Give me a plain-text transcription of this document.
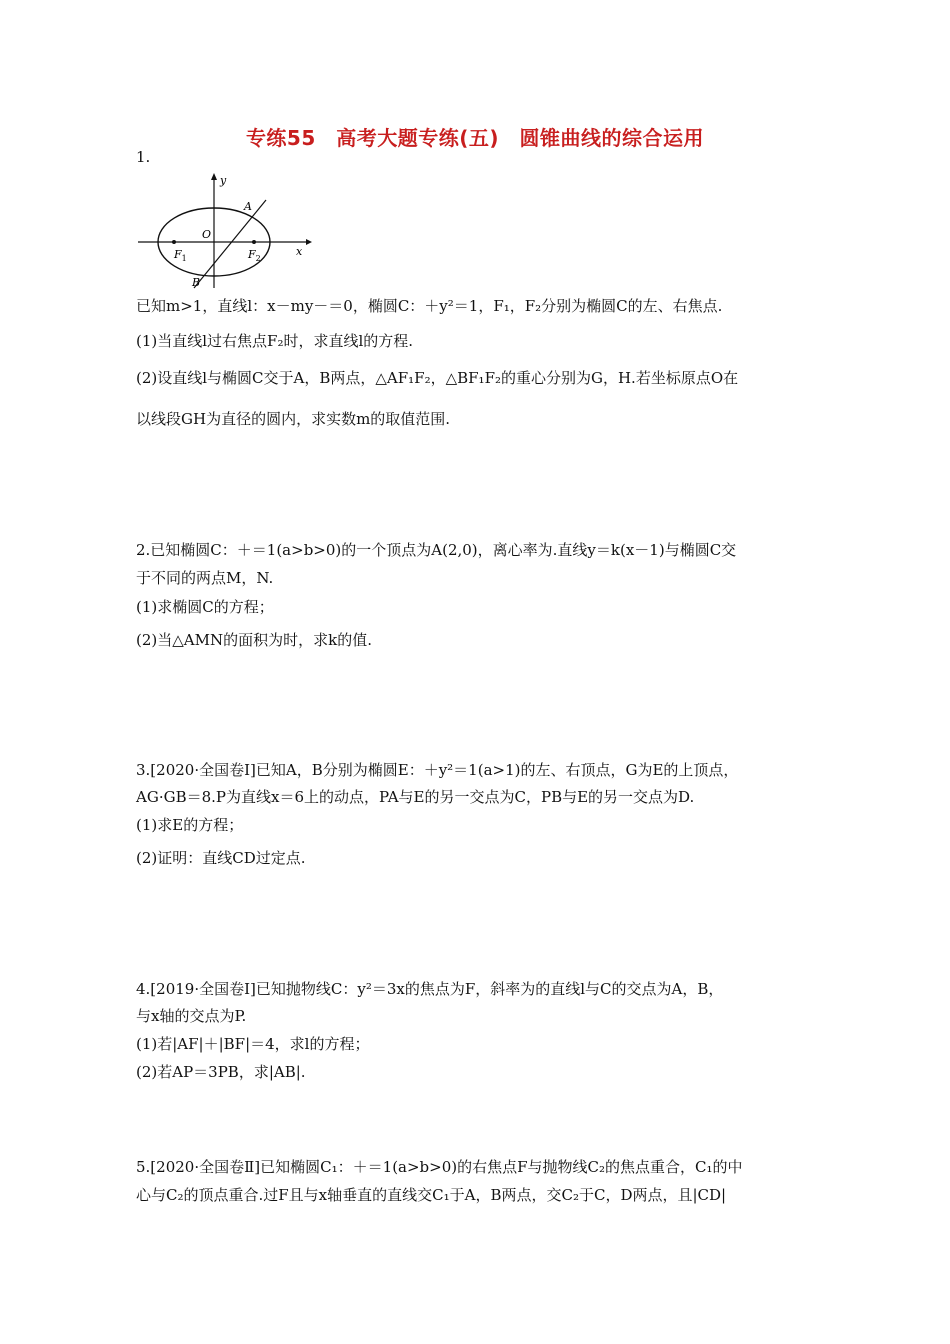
专练55　高考大题专练(五)　圆锥曲线的综合运用
1.
y
x
O
A
B
$F_1$	$F_2$
已知m>1，直线l：x－my－＝0，椭圆C：＋y²＝1，F₁，F₂分别为椭圆C的左、右焦点.
(1)当直线l过右焦点F₂时，求直线l的方程.
(2)设直线l与椭圆C交于A，B两点，△AF₁F₂，△BF₁F₂的重心分别为G，H.若坐标原点O在
以线段GH为直径的圆内，求实数m的取值范围.
2.已知椭圆C：＋＝1(a>b>0)的一个顶点为A(2,0)，离心率为.直线y＝k(x－1)与椭圆C交
于不同的两点M，N.
(1)求椭圆C的方程；
(2)当△AMN的面积为时，求k的值.
3.[2020·全国卷Ⅰ]已知A，B分别为椭圆E：＋y²＝1(a>1)的左、右顶点，G为E的上顶点，
AG·GB＝8.P为直线x＝6上的动点，PA与E的另一交点为C，PB与E的另一交点为D.
(1)求E的方程；
(2)证明：直线CD过定点.
4.[2019·全国卷Ⅰ]已知抛物线C：y²＝3x的焦点为F，斜率为的直线l与C的交点为A，B，
与x轴的交点为P.
(1)若|AF|＋|BF|＝4，求l的方程；
(2)若AP＝3PB，求|AB|.
5.[2020·全国卷Ⅱ]已知椭圆C₁：＋＝1(a>b>0)的右焦点F与抛物线C₂的焦点重合，C₁的中
心与C₂的顶点重合.过F且与x轴垂直的直线交C₁于A，B两点，交C₂于C，D两点，且|CD|
